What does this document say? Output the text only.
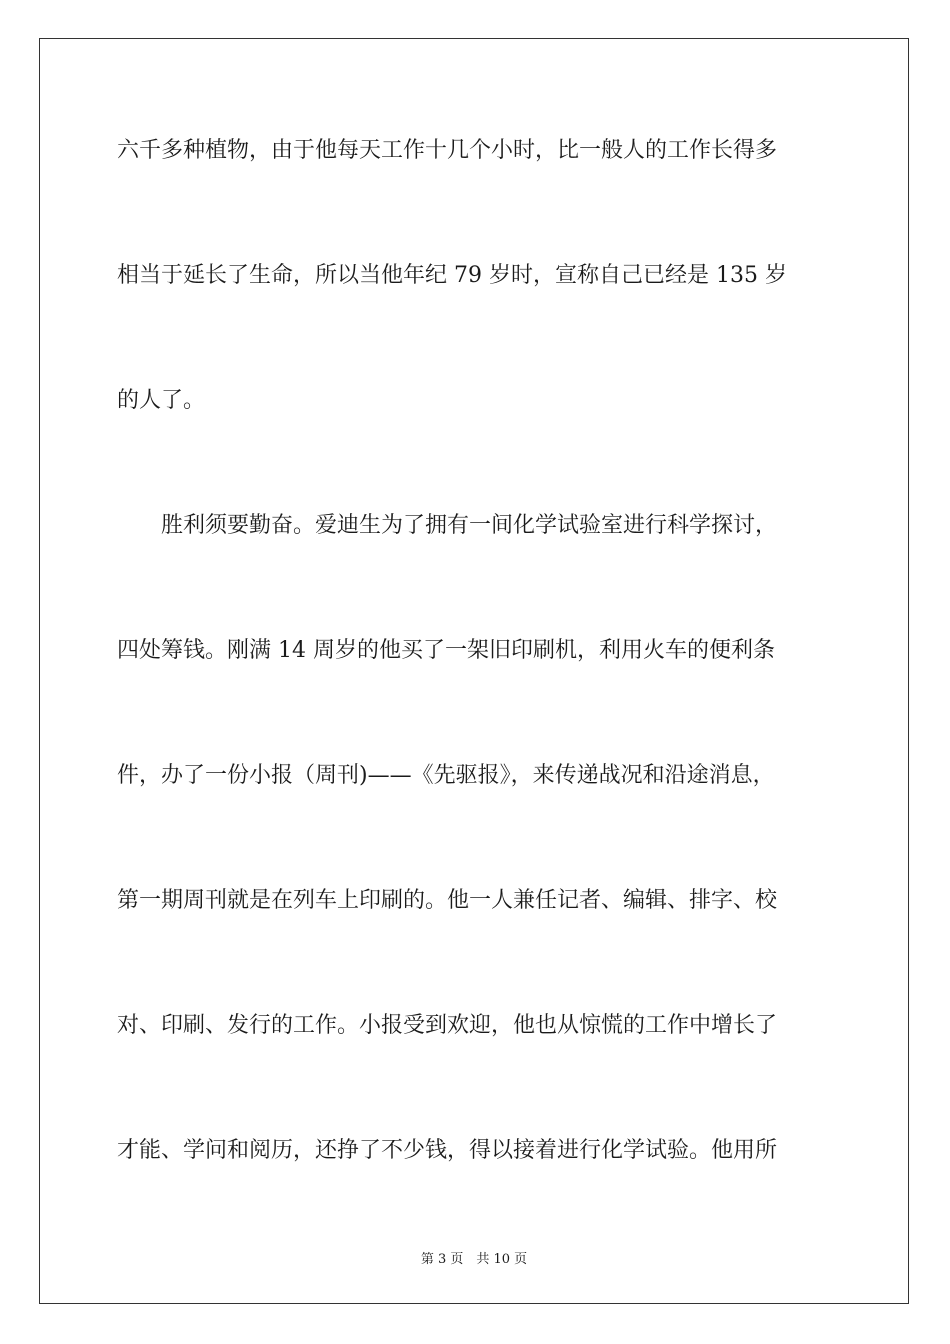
六千多种植物，由于他每天工作十几个小时，比一般人的工作长得多
相当于延长了生命，所以当他年纪 79 岁时，宣称自己已经是 135 岁
的人了。
　　胜利须要勤奋。爱迪生为了拥有一间化学试验室进行科学探讨，
四处筹钱。刚满 14 周岁的他买了一架旧印刷机，利用火车的便利条
件，办了一份小报（周刊)——《先驱报》，来传递战况和沿途消息，
第一期周刊就是在列车上印刷的。他一人兼任记者、编辑、排字、校
对、印刷、发行的工作。小报受到欢迎，他也从惊慌的工作中增长了
才能、学问和阅历，还挣了不少钱，得以接着进行化学试验。他用所
第 3 页　共 10 页
